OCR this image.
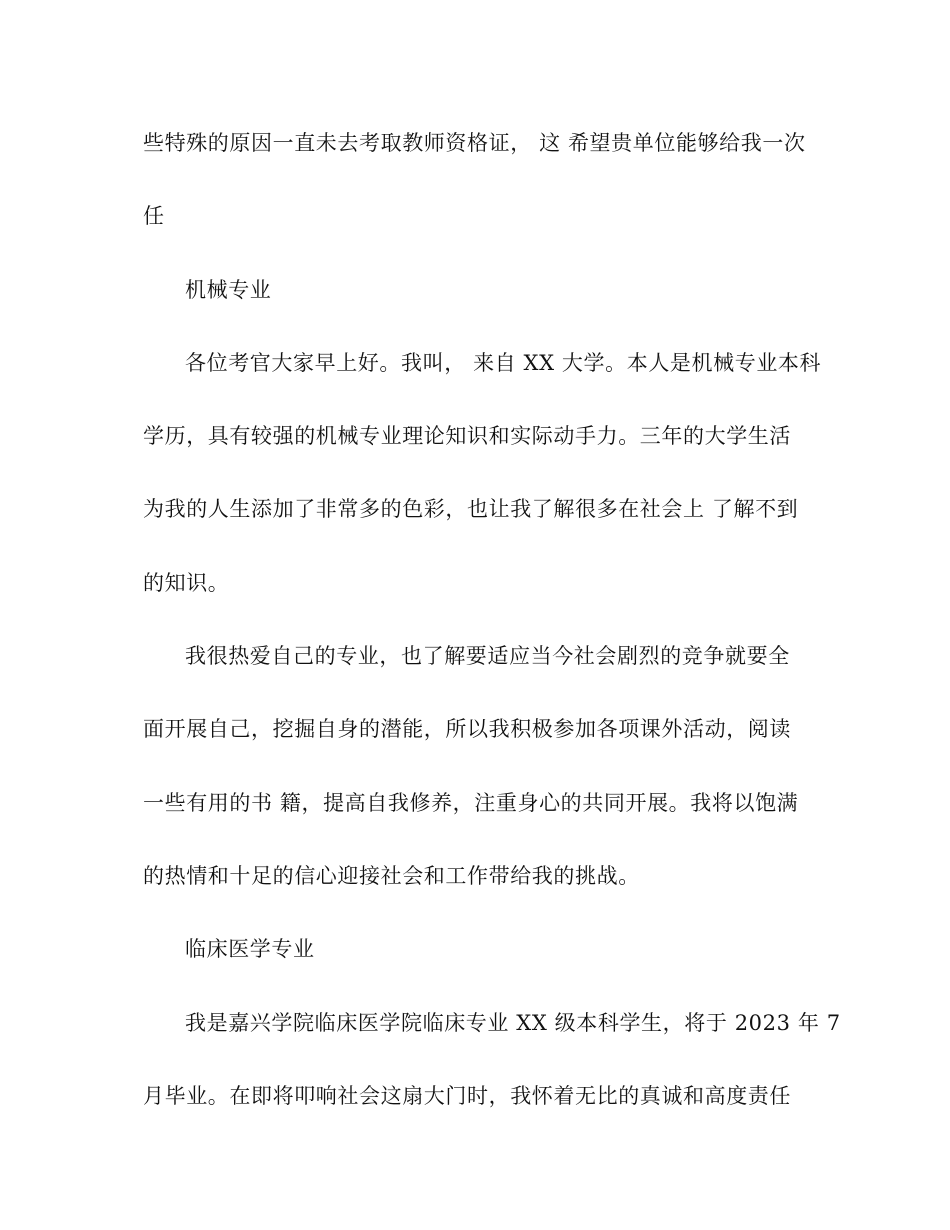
些特殊的原因一直未去考取教师资格证， 这 希望贵单位能够给我一次
任
机械专业
各位考官大家早上好。我叫， 来自 XX 大学。本人是机械专业本科
学历，具有较强的机械专业理论知识和实际动手力。三年的大学生活
为我的人生添加了非常多的色彩，也让我了解很多在社会上 了解不到
的知识。
我很热爱自己的专业，也了解要适应当今社会剧烈的竞争就要全
面开展自己，挖掘自身的潜能，所以我积极参加各项课外活动，阅读
一些有用的书 籍，提高自我修养，注重身心的共同开展。我将以饱满
的热情和十足的信心迎接社会和工作带给我的挑战。
临床医学专业
我是嘉兴学院临床医学院临床专业 XX 级本科学生，将于 2023 年 7
月毕业。在即将叩响社会这扇大门时，我怀着无比的真诚和高度责任
